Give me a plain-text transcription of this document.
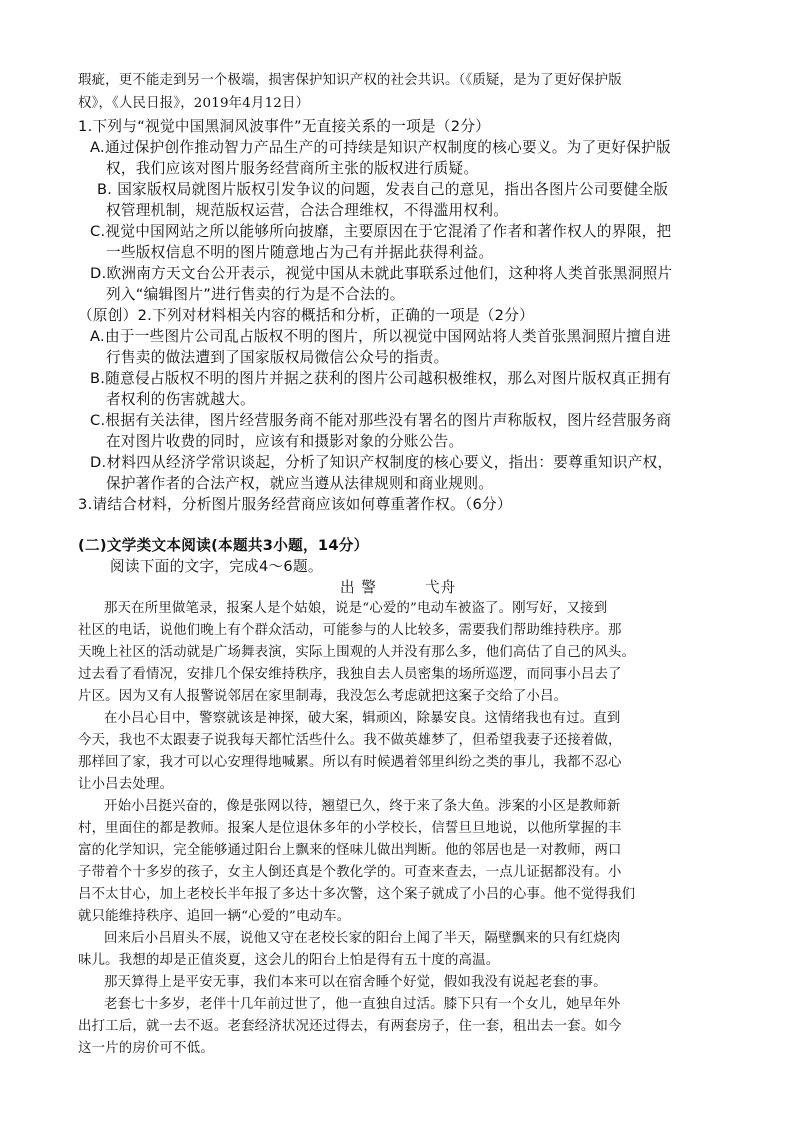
瑕疵，更不能走到另一个极端，损害保护知识产权的社会共识。（《质疑，是为了更好保护版
权》，《人民日报》，2019年4月12日）
1.下列与“视觉中国黑洞风波事件”无直接关系的一项是（2分）
A.通过保护创作推动智力产品生产的可持续是知识产权制度的核心要义。为了更好保护版
权，我们应该对图片服务经营商所主张的版权进行质疑。
B. 国家版权局就图片版权引发争议的问题，发表自己的意见，指出各图片公司要健全版
权管理机制，规范版权运营，合法合理维权，不得滥用权利。
C.视觉中国网站之所以能够所向披靡，主要原因在于它混淆了作者和著作权人的界限，把
一些版权信息不明的图片随意地占为己有并据此获得利益。
D.欧洲南方天文台公开表示，视觉中国从未就此事联系过他们，这种将人类首张黑洞照片
列入“编辑图片”进行售卖的行为是不合法的。
（原创）2.下列对材料相关内容的概括和分析，正确的一项是（2分）
A.由于一些图片公司乱占版权不明的图片，所以视觉中国网站将人类首张黑洞照片擅自进
行售卖的做法遭到了国家版权局微信公众号的指责。
B.随意侵占版权不明的图片并据之获利的图片公司越积极维权，那么对图片版权真正拥有
者权利的伤害就越大。
C.根据有关法律，图片经营服务商不能对那些没有署名的图片声称版权，图片经营服务商
在对图片收费的同时，应该有和摄影对象的分账公告。
D.材料四从经济学常识谈起，分析了知识产权制度的核心要义，指出：要尊重知识产权，
保护著作者的合法产权，就应当遵从法律规则和商业规则。
3.请结合材料，分析图片服务经营商应该如何尊重著作权。（6分）
(二)文学类文本阅读(本题共3小题，14分）
阅读下面的文字，完成4～6题。
出 警	弋舟
那天在所里做笔录，报案人是个姑娘，说是“心爱的”电动车被盗了。刚写好，又接到
社区的电话，说他们晚上有个群众活动，可能参与的人比较多，需要我们帮助维持秩序。那
天晚上社区的活动就是广场舞表演，实际上围观的人并没有那么多，他们高估了自己的风头。
过去看了看情况，安排几个保安维持秩序，我独自去人员密集的场所巡逻，而同事小吕去了
片区。因为又有人报警说邻居在家里制毒，我没怎么考虑就把这案子交给了小吕。
在小吕心目中，警察就该是神探，破大案，辑顽凶，除暴安良。这情绪我也有过。直到
今天，我也不太跟妻子说我每天都忙活些什么。我不做英雄梦了，但希望我妻子还接着做，
那样回了家，我才可以心安理得地喊累。所以有时候遇着邻里纠纷之类的事儿，我都不忍心
让小吕去处理。
开始小吕挺兴奋的，像是张网以待，翘望已久，终于来了条大鱼。涉案的小区是教师新
村，里面住的都是教师。报案人是位退休多年的小学校长，信誓旦旦地说，以他所掌握的丰
富的化学知识，完全能够通过阳台上飘来的怪味儿做出判断。他的邻居也是一对教师，两口
子带着个十多岁的孩子，女主人倒还真是个教化学的。可查来查去，一点儿证据都没有。小
吕不太甘心，加上老校长半年报了多达十多次警，这个案子就成了小吕的心事。他不觉得我们
就只能维持秩序、追回一辆“心爱的”电动车。
回来后小吕眉头不展，说他又守在老校长家的阳台上闻了半天，隔壁飘来的只有红烧肉
味儿。我想的却是正值炎夏，这会儿的阳台上怕是得有五十度的高温。
那天算得上是平安无事，我们本来可以在宿舍睡个好觉，假如我没有说起老套的事。
老套七十多岁，老伴十几年前过世了，他一直独自过活。膝下只有一个女儿，她早年外
出打工后，就一去不返。老套经济状况还过得去，有两套房子，住一套，租出去一套。如今
这一片的房价可不低。
